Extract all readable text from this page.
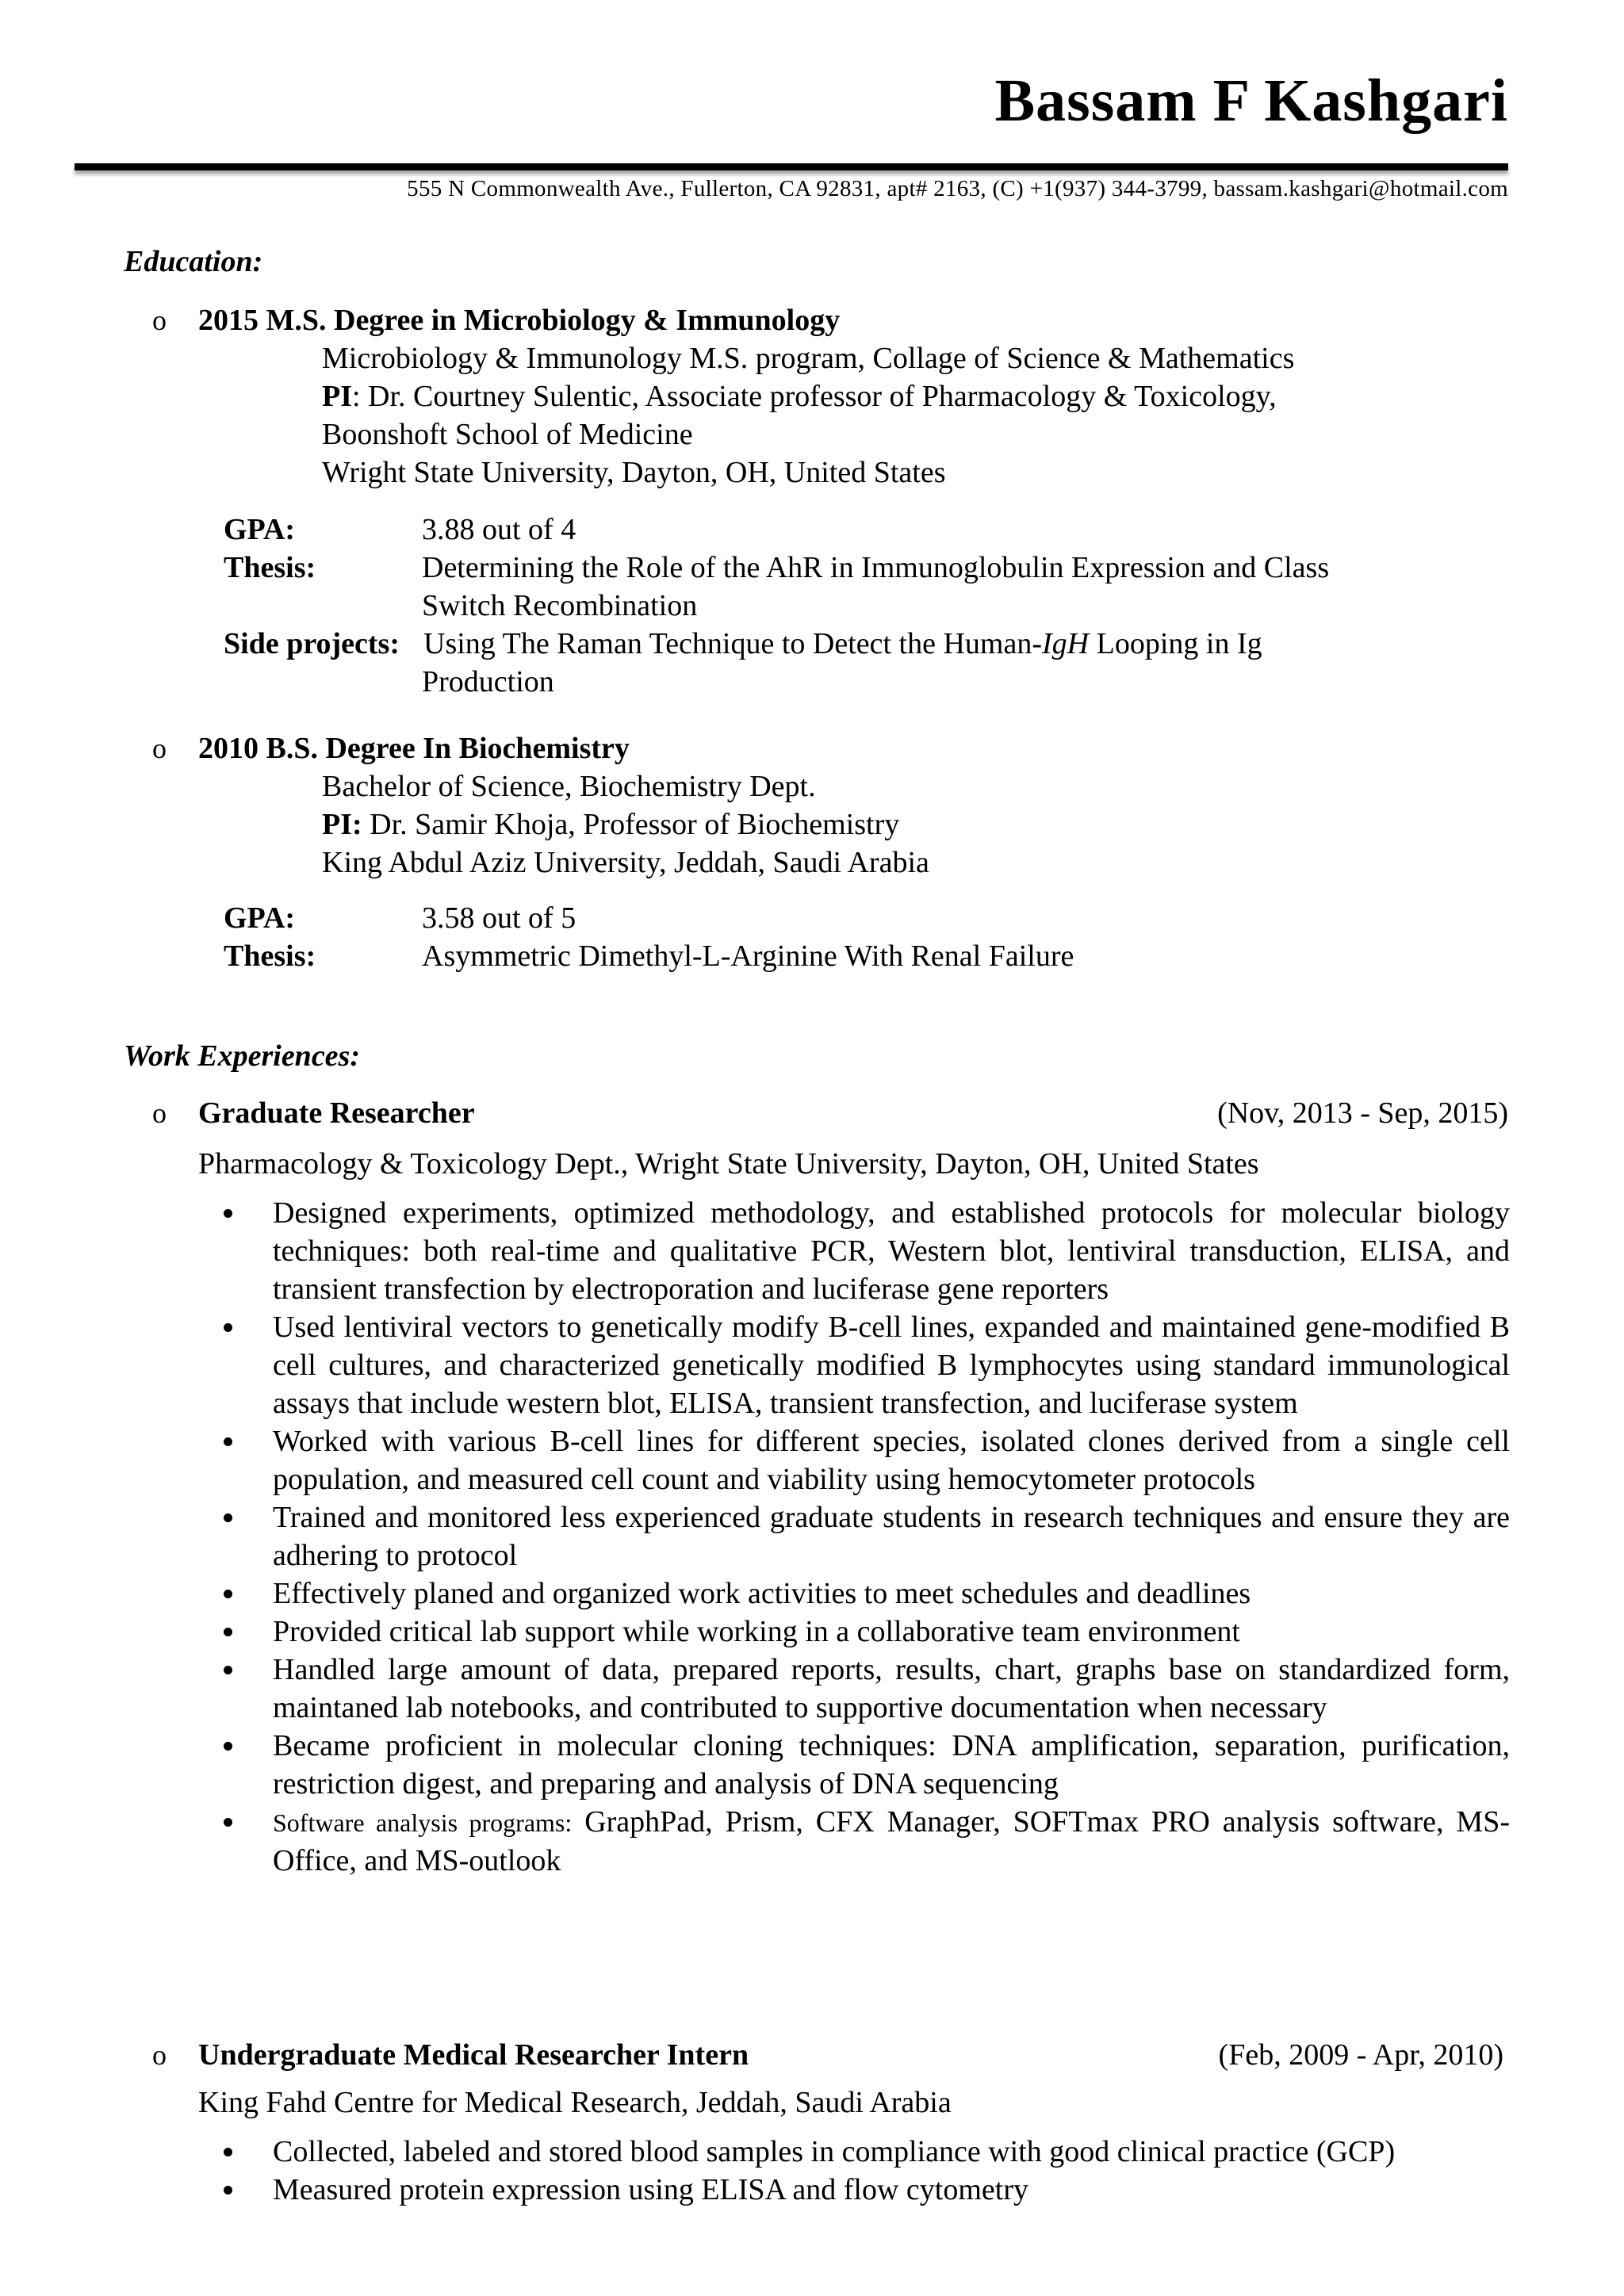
Bassam F Kashgari
555 N Commonwealth Ave., Fullerton, CA 92831, apt# 2163, (C) +1(937) 344-3799, bassam.kashgari@hotmail.com
Education:
o 2015 M.S. Degree in Microbiology & Immunology
Microbiology & Immunology M.S. program, Collage of Science & Mathematics
PI: Dr. Courtney Sulentic, Associate professor of Pharmacology & Toxicology,
Boonshoft School of Medicine
Wright State University, Dayton, OH, United States
GPA:	3.88 out of 4
Thesis:	Determining the Role of the AhR in Immunoglobulin Expression and Class
Switch Recombination
Side projects: Using The Raman Technique to Detect the Human-IgH Looping in Ig
Production
o 2010 B.S. Degree In Biochemistry
Bachelor of Science, Biochemistry Dept.
PI: Dr. Samir Khoja, Professor of Biochemistry
King Abdul Aziz University, Jeddah, Saudi Arabia
GPA:	3.58 out of 5
Thesis:	Asymmetric Dimethyl-L-Arginine With Renal Failure
Work Experiences:
o Graduate Researcher	(Nov, 2013 - Sep, 2015)
Pharmacology & Toxicology Dept., Wright State University, Dayton, OH, United States
Designed experiments, optimized methodology, and established protocols for molecular biology techniques: both real-time and qualitative PCR, Western blot, lentiviral transduction, ELISA, and transient transfection by electroporation and luciferase gene reporters
Used lentiviral vectors to genetically modify B-cell lines, expanded and maintained gene-modified B cell cultures, and characterized genetically modified B lymphocytes using standard immunological assays that include western blot, ELISA, transient transfection, and luciferase system
Worked with various B-cell lines for different species, isolated clones derived from a single cell population, and measured cell count and viability using hemocytometer protocols
Trained and monitored less experienced graduate students in research techniques and ensure they are adhering to protocol
Effectively planed and organized work activities to meet schedules and deadlines
Provided critical lab support while working in a collaborative team environment
Handled large amount of data, prepared reports, results, chart, graphs base on standardized form, maintaned lab notebooks, and contributed to supportive documentation when necessary
Became proficient in molecular cloning techniques: DNA amplification, separation, purification, restriction digest, and preparing and analysis of DNA sequencing
Software analysis programs: GraphPad, Prism, CFX Manager, SOFTmax PRO analysis software, MS-Office, and MS-outlook
o Undergraduate Medical Researcher Intern	(Feb, 2009 - Apr, 2010)
King Fahd Centre for Medical Research, Jeddah, Saudi Arabia
Collected, labeled and stored blood samples in compliance with good clinical practice (GCP)
Measured protein expression using ELISA and flow cytometry
